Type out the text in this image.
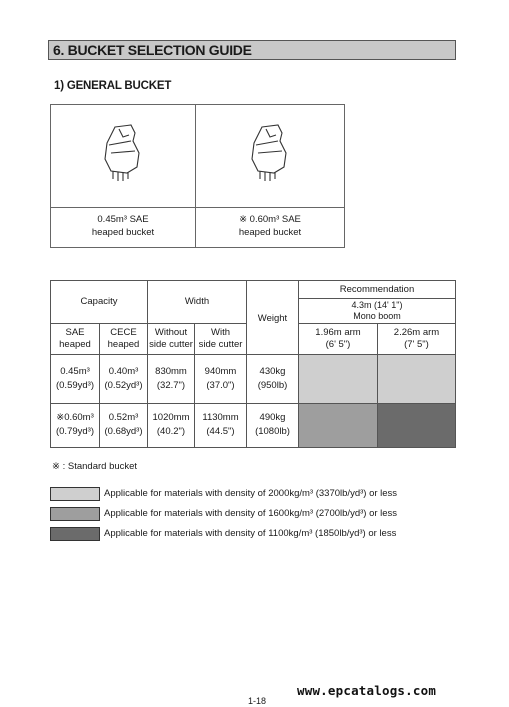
6. BUCKET SELECTION GUIDE
1) GENERAL BUCKET
0.45m³ SAE
heaped bucket
※ 0.60m³ SAE
heaped bucket
Capacity	Width
Weight
Recommendation
4.3m (14' 1")
Mono boom
SAE
heaped
CECE
heaped
Without
side cutter
With
side cutter
1.96m arm
(6' 5")
2.26m arm
(7' 5")
0.45m³
(0.59yd³)
0.40m³
(0.52yd³)
830mm
(32.7")
940mm
(37.0")
430kg
(950lb)
※0.60m³
(0.79yd³)
0.52m³
(0.68yd³)
1020mm
(40.2")
1130mm
(44.5")
490kg
(1080lb)
※ : Standard bucket
Applicable for materials with density of 2000kg/m³ (3370lb/yd³) or less
Applicable for materials with density of 1600kg/m³ (2700lb/yd³) or less
Applicable for materials with density of 1100kg/m³ (1850lb/yd³) or less
www.epcatalogs.com
1-18
